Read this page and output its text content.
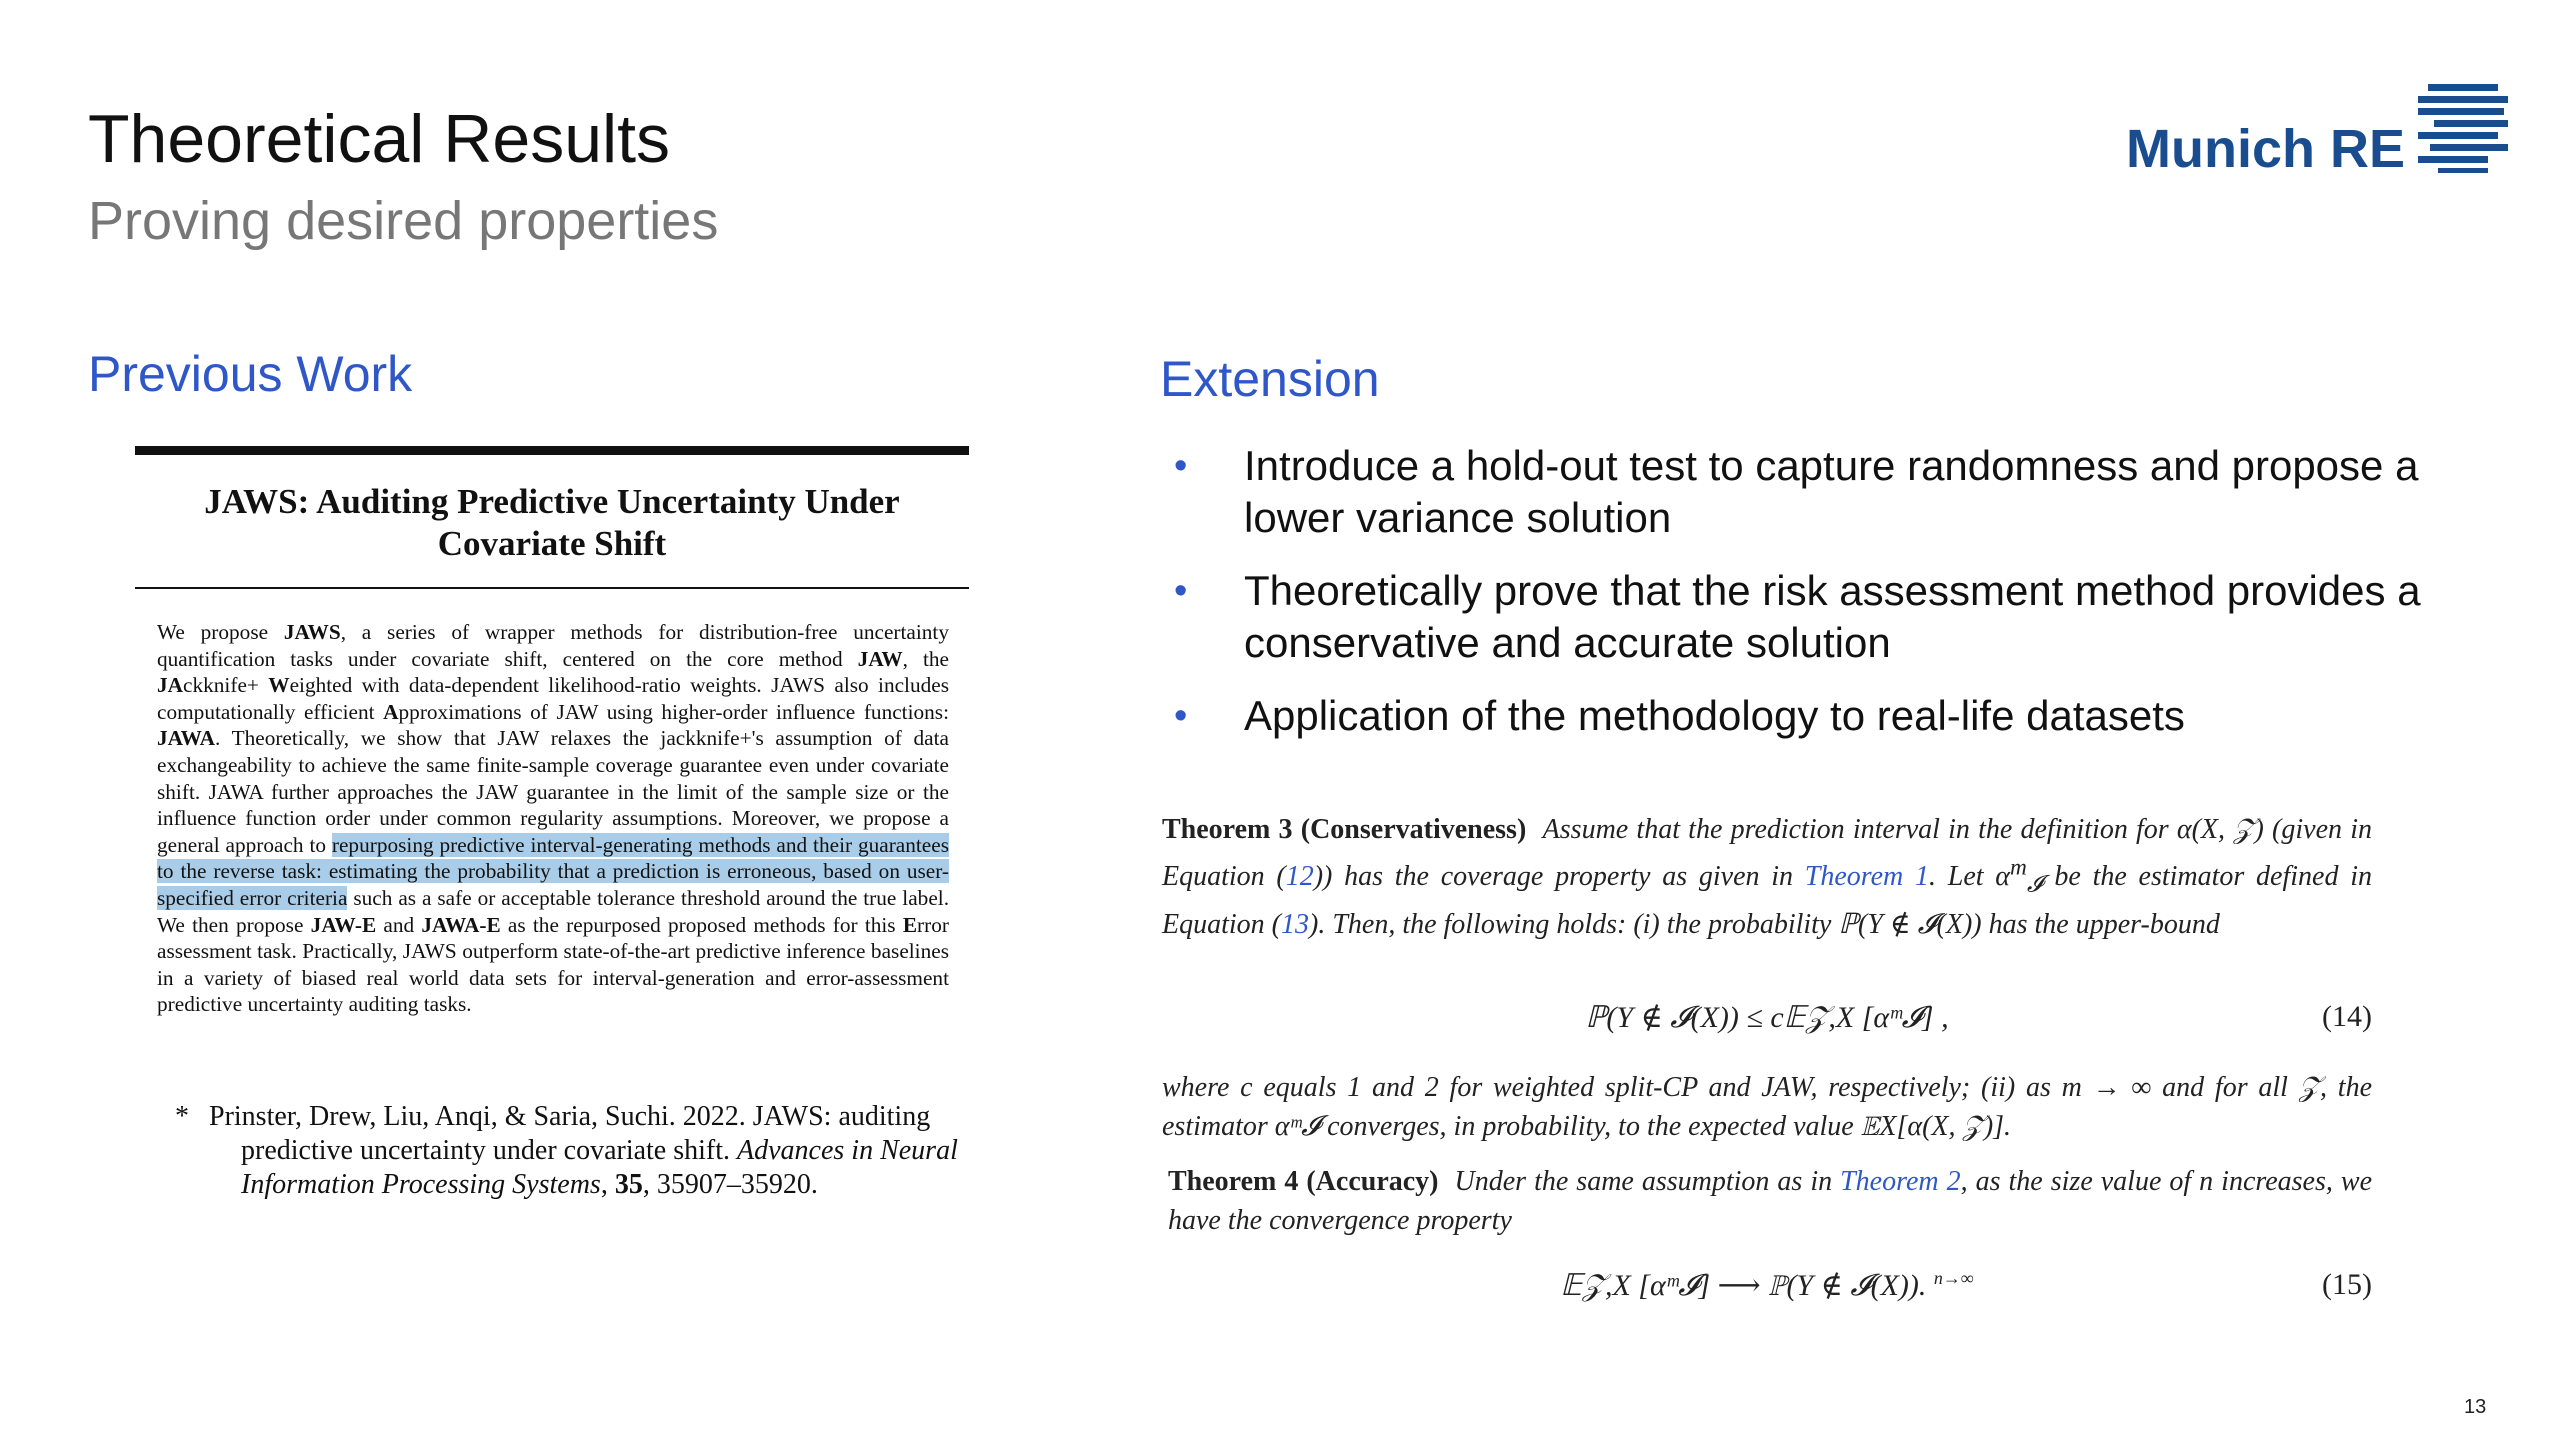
Theoretical Results
Proving desired properties
Munich RE
Previous Work	Extension
JAWS: Auditing Predictive Uncertainty Under
Covariate Shift
We propose JAWS, a series of wrapper methods for distribution-free uncertainty quantification tasks under covariate shift, centered on the core method JAW, the JAckknife+ Weighted with data-dependent likelihood-ratio weights. JAWS also includes computationally efficient Approximations of JAW using higher-order influence functions: JAWA. Theoretically, we show that JAW relaxes the jackknife+'s assumption of data exchangeability to achieve the same finite-sample coverage guarantee even under covariate shift. JAWA further approaches the JAW guarantee in the limit of the sample size or the influence function order under common regularity assumptions. Moreover, we propose a general approach to repurposing predictive interval-generating methods and their guarantees to the reverse task: estimating the probability that a prediction is erroneous, based on user-specified error criteria such as a safe or acceptable tolerance threshold around the true label. We then propose JAW-E and JAWA-E as the repurposed proposed methods for this Error assessment task. Practically, JAWS outperform state-of-the-art predictive inference baselines in a variety of biased real world data sets for interval-generation and error-assessment predictive uncertainty auditing tasks.
* Prinster, Drew, Liu, Anqi, & Saria, Suchi. 2022. JAWS: auditing
predictive uncertainty under covariate shift. Advances in Neural Information Processing Systems, 35, 35907–35920.
• Introduce a hold-out test to capture randomness and propose a lower variance solution
• Theoretically prove that the risk assessment method provides a conservative and accurate solution
• Application of the methodology to real-life datasets
Theorem 3 (Conservativeness) Assume that the prediction interval in the definition for α(X, 𝒵) (given in Equation (12)) has the coverage property as given in Theorem 1. Let $\alpha^m_𝓘$ be the estimator defined in Equation (13). Then, the following holds: (i) the probability ℙ(Y ∉ 𝓘(X)) has the upper-bound
ℙ(Y ∉ 𝓘(X)) ≤ c𝔼𝒵,X [αᵐ𝓘] ,	(14)
where c equals 1 and 2 for weighted split-CP and JAW, respectively; (ii) as m → ∞ and for all 𝒵, the estimator αᵐ𝓘 converges, in probability, to the expected value 𝔼X[α(X, 𝒵)].
Theorem 4 (Accuracy) Under the same assumption as in Theorem 2, as the size value of n increases, we have the convergence property
𝔼𝒵,X [αᵐ𝓘] ⟶ ℙ(Y ∉ 𝓘(X)). $^{n\to\infty}$	(15)
13
